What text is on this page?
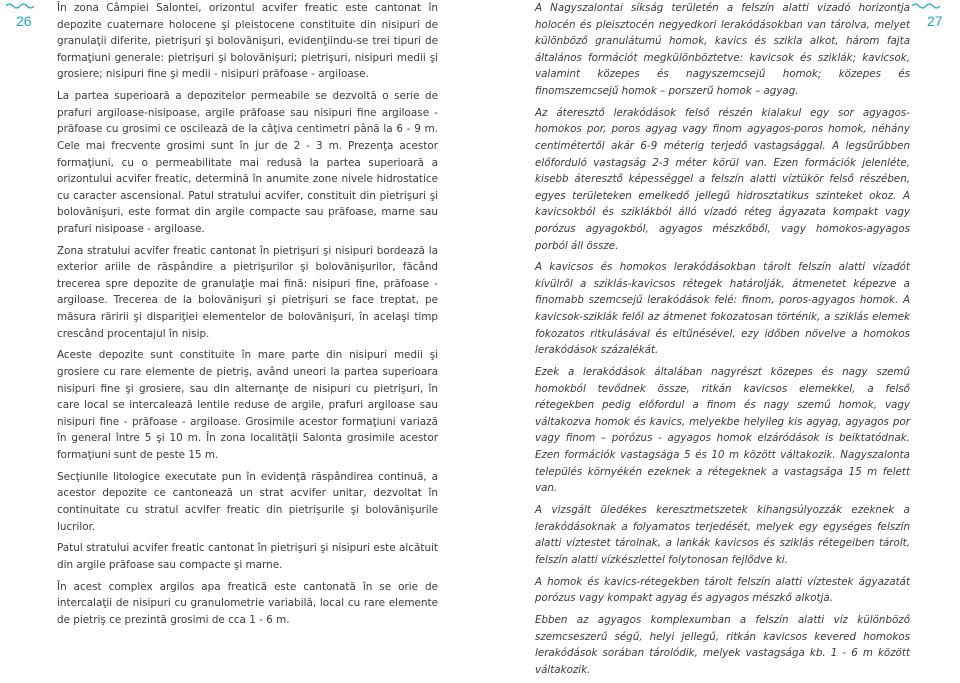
26	27

În zona Câmpiei Salontei, orizontul acvifer freatic este cantonat în depozite cuaternare holocene şi pleistocene constituite din nisipuri de granulaţii diferite, pietrişuri şi bolovănişuri, evidenţiindu-se trei tipuri de formaţiuni generale: pietrişuri şi bolovănişuri; pietrişuri, nisipuri medii şi grosiere; nisipuri fine şi medii - nisipuri prăfoase - argiloase.

La partea superioară a depozitelor permeabile se dezvoltă o serie de prafuri argiloase-nisipoase, argile prăfoase sau nisipuri fine argiloase - prăfoase cu grosimi ce oscilează de la câţiva centimetri până la 6 - 9 m. Cele mai frecvente grosimi sunt în jur de 2 - 3 m. Prezenţa acestor formaţiuni, cu o permeabilitate mai redusă la partea superioară a orizontului acvifer freatic, determină în anumite zone nivele hidrostatice cu caracter ascensional. Patul stratului acvifer, constituit din pietrişuri şi bolovănişuri, este format din argile compacte sau prăfoase, marne sau prafuri nisipoase - argiloase.

Zona stratului acvifer freatic cantonat în pietrişuri şi nisipuri bordează la exterior ariile de răspândire a pietrişurilor şi bolovănişurilor, făcând trecerea spre depozite de granulaţie mai fină: nisipuri fine, prăfoase - argiloase. Trecerea de la bolovănişuri şi pietrişuri se face treptat, pe măsura răririi şi dispariţiei elementelor de bolovănişuri, în acelaşi timp crescând procentajul în nisip.

Aceste depozite sunt constituite în mare parte din nisipuri medii şi grosiere cu rare elemente de pietriş, având uneori la partea superioara nisipuri fine şi grosiere, sau din alternanţe de nisipuri cu pietrişuri, în care local se intercalează lentile reduse de argile, prafuri argiloase sau nisipuri fine - prăfoase - argiloase. Grosimile acestor formaţiuni variază în general între 5 şi 10 m. În zona localităţii Salonta grosimile acestor formaţiuni sunt de peste 15 m.

Secţiunile litologice executate pun în evidenţă răspândirea continuă, a acestor depozite ce cantonează un strat acvifer unitar, dezvoltat în continuitate cu stratul acvifer freatic din pietrişurile şi bolovănişurile lucrilor.

Patul stratului acvifer freatic cantonat în pietrişuri şi nisipuri este alcătuit din argile prăfoase sau compacte şi marne.

În acest complex argilos apa freatică este cantonată în se orie de intercalaţii de nisipuri cu granulometrie variabilă, local cu rare elemente de pietriş ce prezintă grosimi de cca 1 - 6 m.

A Nagyszalontai síkság területén a felszín alatti vizadó horizontja holocén és pleisztocén negyedkori lerakódásokban van tárolva, melyet különböző granulátumú homok, kavics és szikla alkot, három fajta általános formációt megkülönböztetve: kavicsok és sziklák; kavicsok, valamint közepes és nagyszemcsejű homok; közepes és finomszemcsejű homok – porszerű homok – agyag.

Az áteresztő lerakódások felső részén kialakul egy sor agyagos-homokos por, poros agyag vagy finom agyagos-poros homok, néhány centimétertől akár 6-9 méterig terjedő vastagsággal. A legsűrűbben előforduló vastagság 2-3 méter körül van. Ezen formációk jelenléte, kisebb áteresztő képességgel a felszín alatti víztükör felső részében, egyes területeken emelkedő jellegű hidrosztatikus szinteket okoz. A kavicsokból és sziklákból álló vízadó réteg ágyazata kompakt vagy porózus agyagokból, agyagos mészkőből, vagy homokos-agyagos porból áll össze.

A kavicsos és homokos lerakódásokban tárolt felszín alatti vízadót kívülről a sziklás-kavicsos rétegek határolják, átmenetet képezve a finomabb szemcsejű lerakódások felé: finom, poros-agyagos homok. A kavicsok-sziklák felől az átmenet fokozatosan történik, a sziklás elemek fokozatos ritkulásával és eltűnésével, ezy időben növelve a homokos lerakódások százalékát.

Ezek a lerakódások általában nagyrészt közepes és nagy szemű homokból tevődnek össze, ritkán kavicsos elemekkel, a felső rétegekben pedig előfordul a finom és nagy szemű homok, vagy váltakozva homok és kavics, melyekbe helyileg kis agyag, agyagos por vagy finom – porózus - agyagos homok elzáródások is beiktatódnak. Ezen formációk vastagsága 5 és 10 m között váltakozik. Nagyszalonta település környékén ezeknek a rétegeknek a vastagsága 15 m felett van.

A vizsgált üledékes keresztmetszetek kihangsúlyozzák ezeknek a lerakódásoknak a folyamatos terjedését, melyek egy egységes felszín alatti víztestet tárolnak, a lankák kavicsos és sziklás rétegeiben tárolt, felszín alatti vízkészlettel folytonosan fejlődve ki.

A homok és kavics-rétegekben tárolt felszín alatti víztestek ágyazatát porózus vagy kompakt agyag és agyagos mészkő alkotja.

Ebben az agyagos komplexumban a felszín alatti víz különböző szemcseszerű ségű, helyi jellegű, ritkán kavicsos kevered homokos lerakódások sorában tárolódik, melyek vastagsága kb. 1 - 6 m között váltakozik.
